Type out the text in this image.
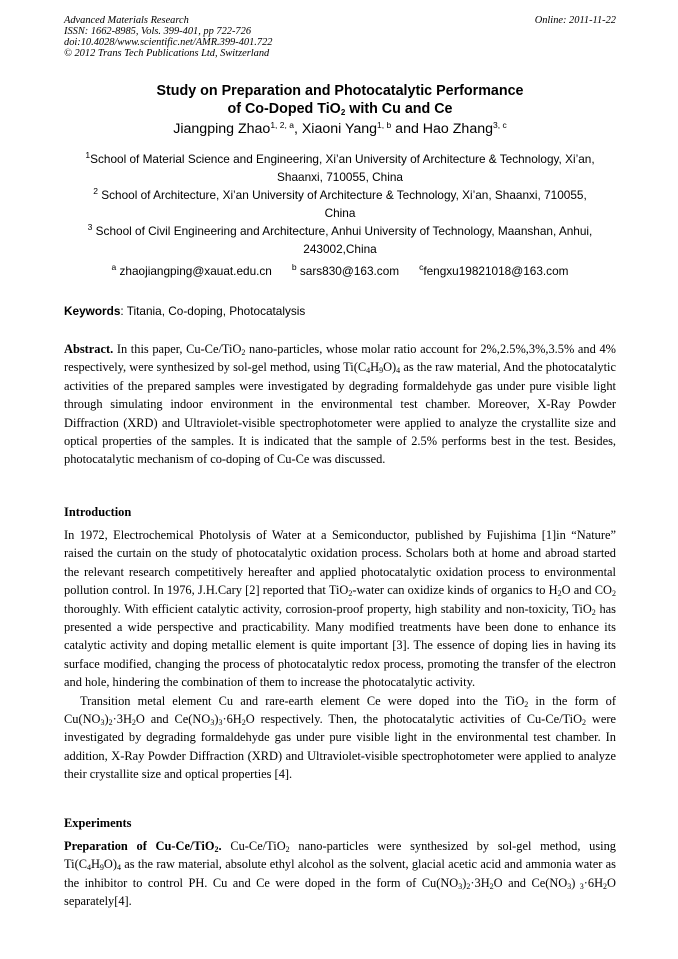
Advanced Materials Research
ISSN: 1662-8985, Vols. 399-401, pp 722-726
doi:10.4028/www.scientific.net/AMR.399-401.722
© 2012 Trans Tech Publications Ltd, Switzerland
Online: 2011-11-22
Study on Preparation and Photocatalytic Performance
of Co-Doped TiO$_2$ with Cu and Ce
Jiangping Zhao$^{1, 2, a}$, Xiaoni Yang$^{1, b}$ and Hao Zhang$^{3, c}$
$^1$School of Material Science and Engineering, Xi’an University of Architecture & Technology, Xi’an,
Shaanxi, 710055, China
$^2$ School of Architecture, Xi’an University of Architecture & Technology, Xi’an, Shaanxi, 710055,
China
$^3$ School of Civil Engineering and Architecture, Anhui University of Technology, Maanshan, Anhui,
243002,China
$^a$ zhaojiangping@xauat.edu.cn $^b$ sars830@163.com $^c$fengxu19821018@163.com
Keywords: Titania, Co-doping, Photocatalysis

Abstract. In this paper, Cu-Ce/TiO$_2$ nano-particles, whose molar ratio account for 2%,2.5%,3%,3.5% and 4% respectively, were synthesized by sol-gel method, using $Ti(C_4H_9O)_4$ as the raw material, And the photocatalytic activities of the prepared samples were investigated by degrading formaldehyde gas under pure visible light through simulating indoor environment in the environmental test chamber. Moreover, X-Ray Powder Diffraction (XRD) and Ultraviolet-visible spectrophotometer were applied to analyze the crystallite size and optical properties of the samples. It is indicated that the sample of 2.5% performs best in the test. Besides, photocatalytic mechanism of co-doping of Cu-Ce was discussed.

Introduction

In 1972, Electrochemical Photolysis of Water at a Semiconductor, published by Fujishima [1]in “Nature” raised the curtain on the study of photocatalytic oxidation process. Scholars both at home and abroad started the relevant research competitively hereafter and applied photocatalytic oxidation process to environmental pollution control. In 1976, J.H.Cary [2] reported that TiO$_2$-water can oxidize kinds of organics to $H_2O$ and $CO_2$ thoroughly. With efficient catalytic activity, corrosion-proof property, high stability and non-toxicity, TiO$_2$ has presented a wide perspective and practicability. Many modified treatments have been done to enhance its catalytic activity and doping metallic element is quite important [3]. The essence of doping lies in having its surface modified, changing the process of photocatalytic redox process, promoting the transfer of the electron and hole, hindering the combination of them to increase the photocatalytic activity.

Transition metal element Cu and rare-earth element Ce were doped into the TiO$_2$ in the form of $Cu(NO_3)_2\cdot 3H_2O$ and $Ce(NO_3)_3\cdot 6H_2O$ respectively. Then, the photocatalytic activities of Cu-Ce/TiO$_2$ were investigated by degrading formaldehyde gas under pure visible light in the environmental test chamber. In addition, X-Ray Powder Diffraction (XRD) and Ultraviolet-visible spectrophotometer were applied to analyze their crystallite size and optical properties [4].

Experiments

Preparation of Cu-Ce/TiO$_2$. Cu-Ce/TiO$_2$ nano-particles were synthesized by sol-gel method, using $Ti(C_4H_9O)_4$ as the raw material, absolute ethyl alcohol as the solvent, glacial acetic acid and ammonia water as the inhibitor to control PH. Cu and Ce were doped in the form of $Cu(NO_3)_2\cdot 3H_2O$ and $Ce(NO_3)$ $_3\cdot 6H_2O$ separately[4].
